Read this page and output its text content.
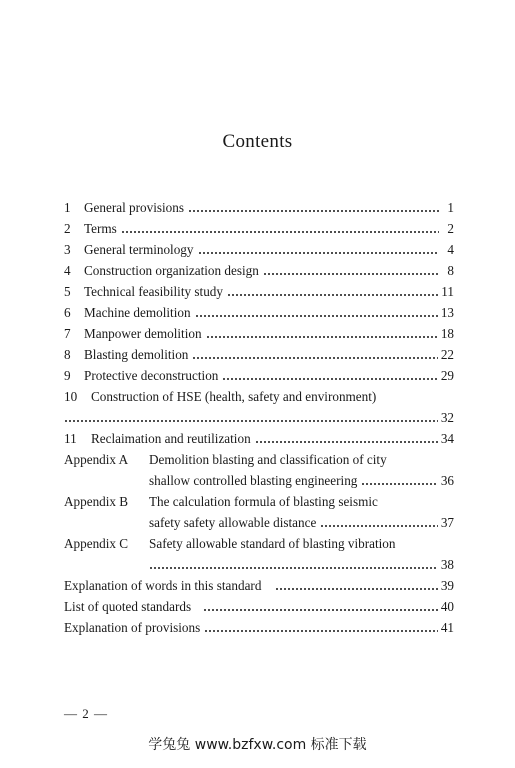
Contents
1	General provisions	1
2	Terms	2
3	General terminology	4
4	Construction organization design	8
5	Technical feasibility study	11
6	Machine demolition	13
7	Manpower demolition	18
8	Blasting demolition	22
9	Protective deconstruction	29
10	Construction of HSE (health, safety and environment)
32
11	Reclaimation and reutilization	34
Appendix A	Demolition blasting and classification of city
shallow controlled blasting engineering	36
Appendix B	The calculation formula of blasting seismic
safety safety allowable distance	37
Appendix C	Safety allowable standard of blasting vibration
38
Explanation of words in this standard	39
List of quoted standards	40
Explanation of provisions	41
— 2 —
学兔兔 www.bzfxw.com 标准下载
